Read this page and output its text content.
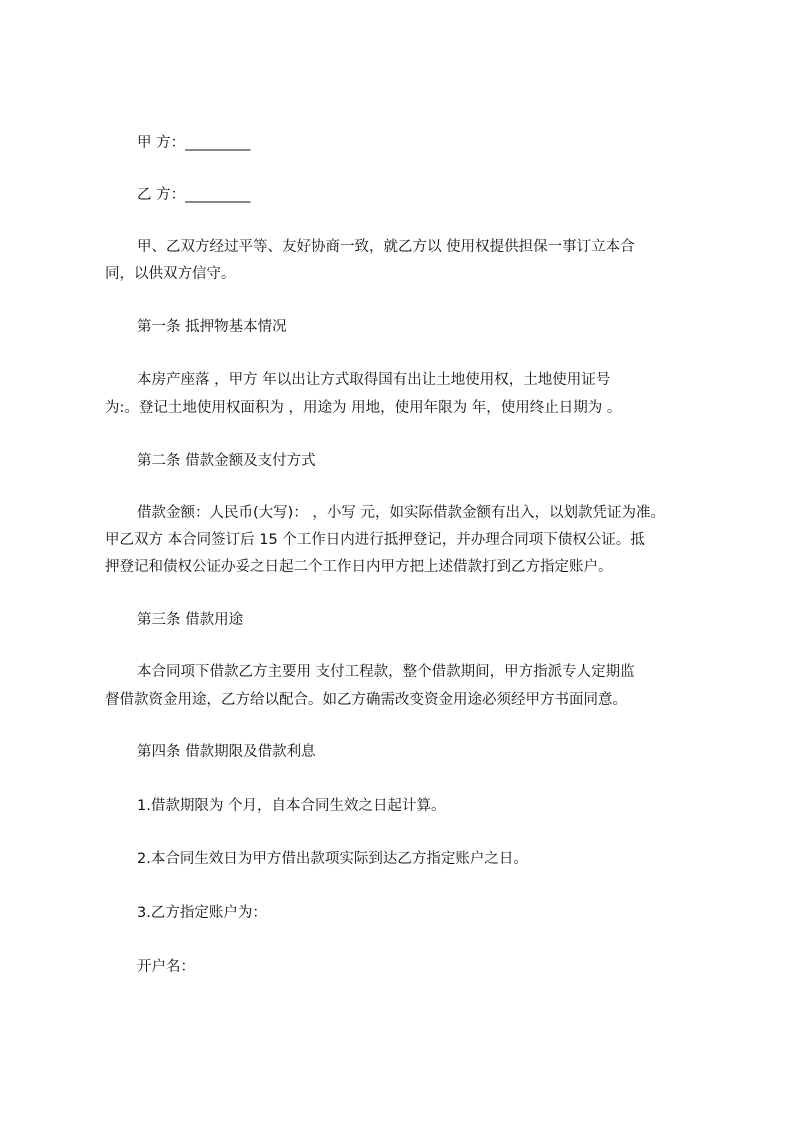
甲 方：_________
乙 方：_________
甲、乙双方经过平等、友好协商一致，就乙方以 使用权提供担保一事订立本合
同，以供双方信守。
第一条 抵押物基本情况
本房产座落 ，甲方 年以出让方式取得国有出让土地使用权，土地使用证号
为:。登记土地使用权面积为 ，用途为 用地，使用年限为 年，使用终止日期为 。
第二条 借款金额及支付方式
借款金额：人民币(大写)： ，小写 元，如实际借款金额有出入，以划款凭证为准。
甲乙双方 本合同签订后 15 个工作日内进行抵押登记，并办理合同项下债权公证。抵
押登记和债权公证办妥之日起二个工作日内甲方把上述借款打到乙方指定账户。
第三条 借款用途
本合同项下借款乙方主要用 支付工程款，整个借款期间，甲方指派专人定期监
督借款资金用途，乙方给以配合。如乙方确需改变资金用途必须经甲方书面同意。
第四条 借款期限及借款利息
1.借款期限为 个月，自本合同生效之日起计算。
2.本合同生效日为甲方借出款项实际到达乙方指定账户之日。
3.乙方指定账户为：
开户名：
